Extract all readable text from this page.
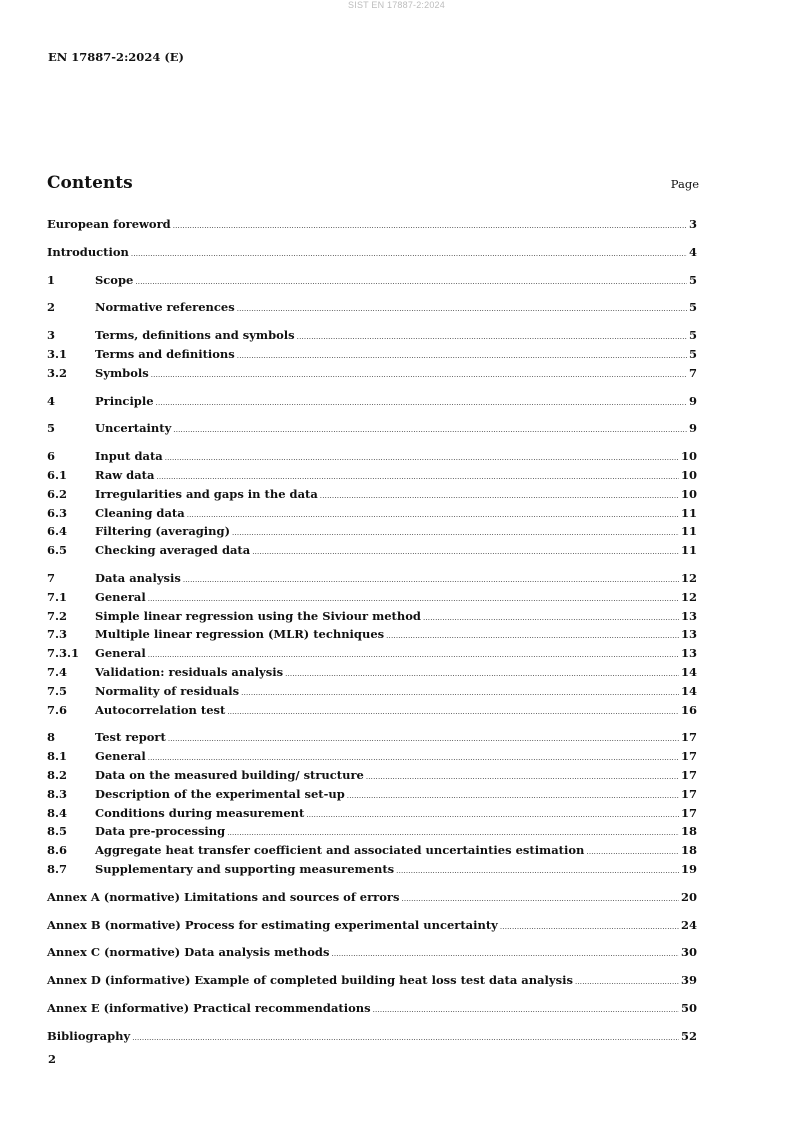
SIST EN 17887-2:2024
EN 17887-2:2024 (E)
Contents	Page
European foreword .....	3
Introduction .....	4
1	Scope .....	5
2	Normative references .....	5
3	Terms, definitions and symbols .....	5
3.1	Terms and definitions .....	5
3.2	Symbols .....	7
4	Principle .....	9
5	Uncertainty .....	9
6	Input data .....	10
6.1	Raw data .....	10
6.2	Irregularities and gaps in the data .....	10
6.3	Cleaning data .....	11
6.4	Filtering (averaging) .....	11
6.5	Checking averaged data .....	11
7	Data analysis .....	12
7.1	General .....	12
7.2	Simple linear regression using the Siviour method .....	13
7.3	Multiple linear regression (MLR) techniques .....	13
7.3.1	General .....	13
7.4	Validation: residuals analysis .....	14
7.5	Normality of residuals .....	14
7.6	Autocorrelation test .....	16
8	Test report .....	17
8.1	General .....	17
8.2	Data on the measured building/ structure .....	17
8.3	Description of the experimental set-up .....	17
8.4	Conditions during measurement .....	17
8.5	Data pre-processing .....	18
8.6	Aggregate heat transfer coefficient and associated uncertainties estimation .....	18
8.7	Supplementary and supporting measurements .....	19
Annex A (normative) Limitations and sources of errors .....	20
Annex B (normative) Process for estimating experimental uncertainty .....	24
Annex C (normative) Data analysis methods .....	30
Annex D (informative) Example of completed building heat loss test data analysis .....	39
Annex E (informative) Practical recommendations .....	50
Bibliography .....	52
2
